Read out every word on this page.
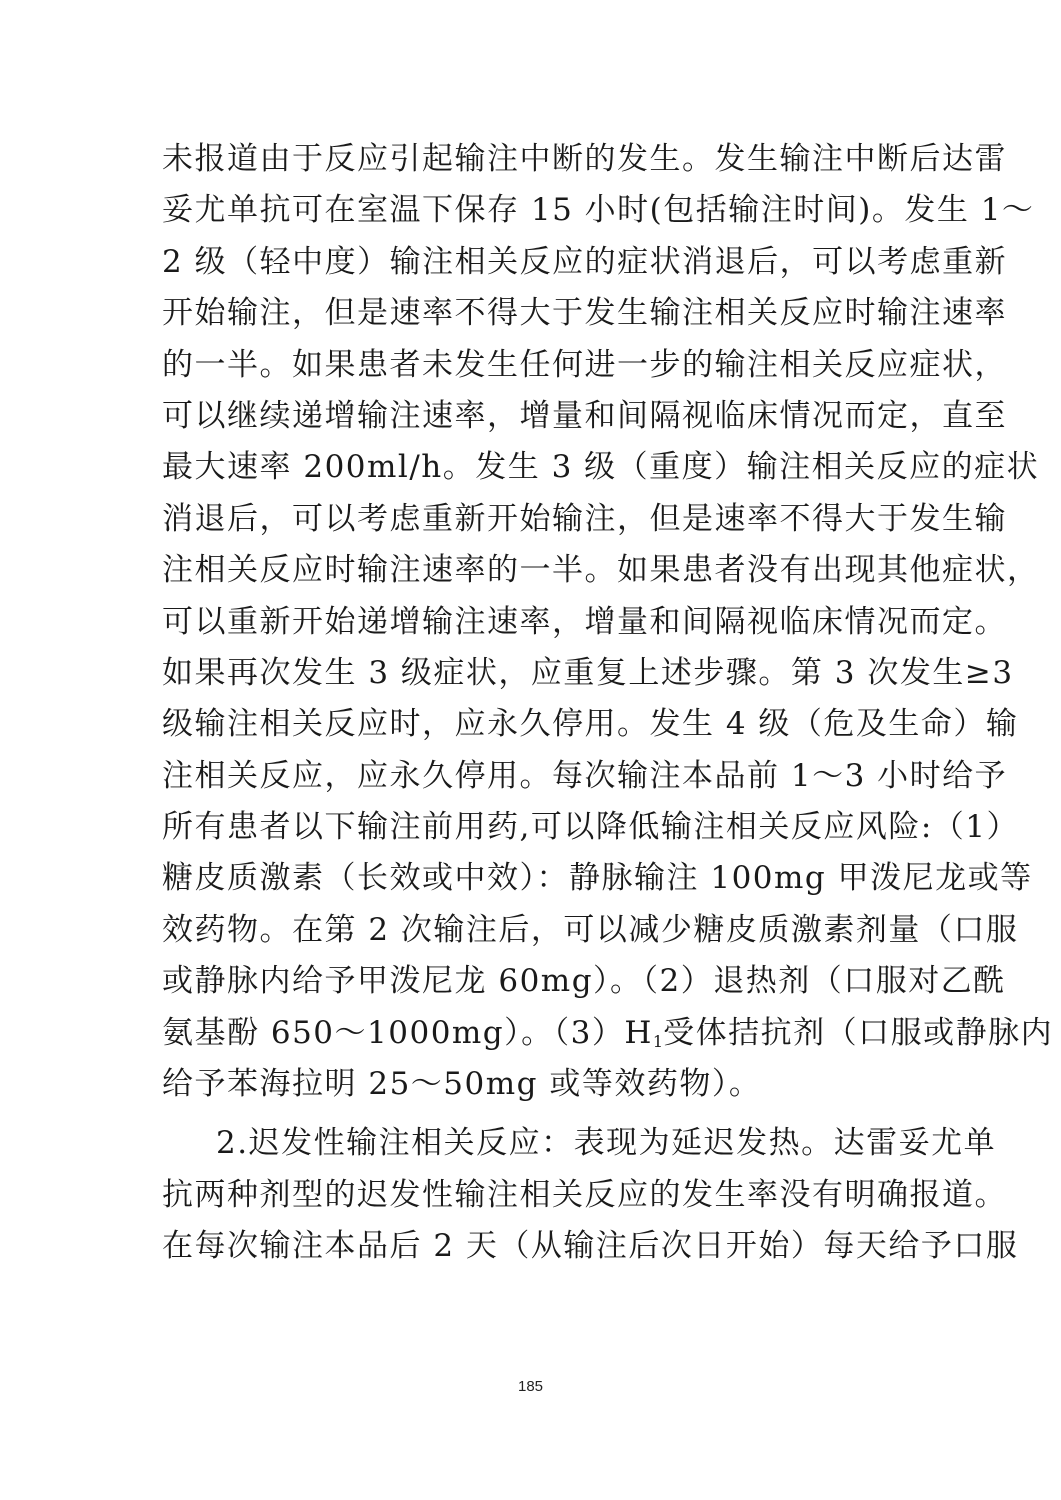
未报道由于反应引起输注中断的发生。发生输注中断后达雷
妥尤单抗可在室温下保存 15 小时(包括输注时间)。发生 1～
2 级（轻中度）输注相关反应的症状消退后，可以考虑重新
开始输注，但是速率不得大于发生输注相关反应时输注速率
的一半。如果患者未发生任何进一步的输注相关反应症状，
可以继续递增输注速率，增量和间隔视临床情况而定，直至
最大速率 200ml/h。发生 3 级（重度）输注相关反应的症状
消退后，可以考虑重新开始输注，但是速率不得大于发生输
注相关反应时输注速率的一半。如果患者没有出现其他症状，
可以重新开始递增输注速率，增量和间隔视临床情况而定。
如果再次发生 3 级症状，应重复上述步骤。第 3 次发生≥3
级输注相关反应时，应永久停用。发生 4 级（危及生命）输
注相关反应，应永久停用。每次输注本品前 1～3 小时给予
所有患者以下输注前用药,可以降低输注相关反应风险:（1）
糖皮质激素（长效或中效）：静脉输注 100mg 甲泼尼龙或等
效药物。在第 2 次输注后，可以减少糖皮质激素剂量（口服
或静脉内给予甲泼尼龙 60mg）。（2）退热剂（口服对乙酰
氨基酚 650～1000mg）。$(3)H_1$受体拮抗剂（口服或静脉内
给予苯海拉明 25～50mg 或等效药物）。
2.迟发性输注相关反应：表现为延迟发热。达雷妥尤单
抗两种剂型的迟发性输注相关反应的发生率没有明确报道。
在每次输注本品后 2 天（从输注后次日开始）每天给予口服
185
